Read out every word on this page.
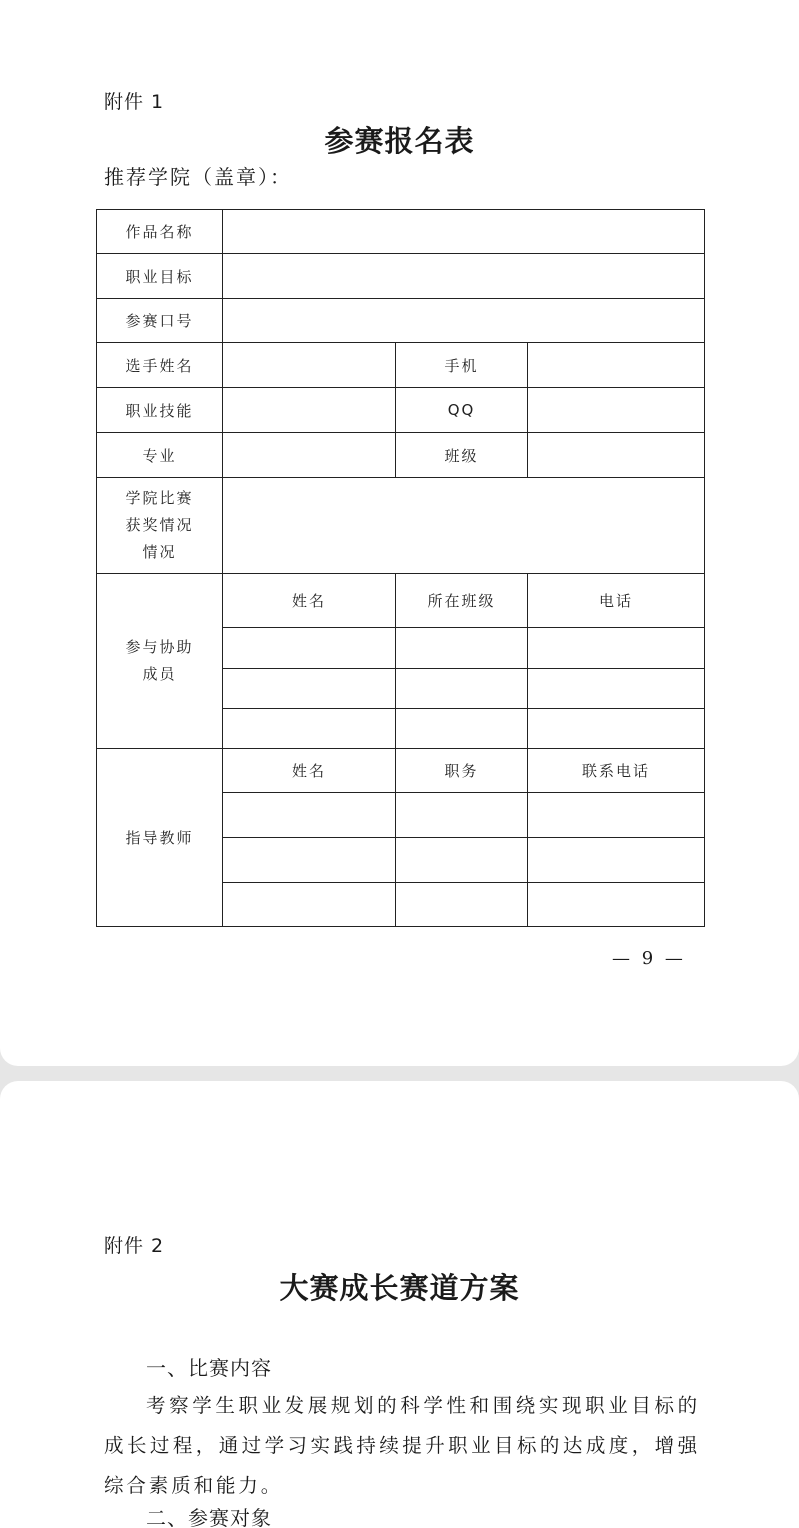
附件 1
参赛报名表
推荐学院（盖章）：
作品名称			
职业目标			
参赛口号			
选手姓名		手机	
职业技能		QQ	
专业		班级	

学院比赛
获奖情况
情况			

参与协助
成员	姓名	所在班级	电话

指导教师	姓名	职务	联系电话

— 9 —
附件 2
大赛成长赛道方案
一、比赛内容

考察学生职业发展规划的科学性和围绕实现职业目标的成长过程，通过学习实践持续提升职业目标的达成度，增强综合素质和能力。

二、参赛对象
